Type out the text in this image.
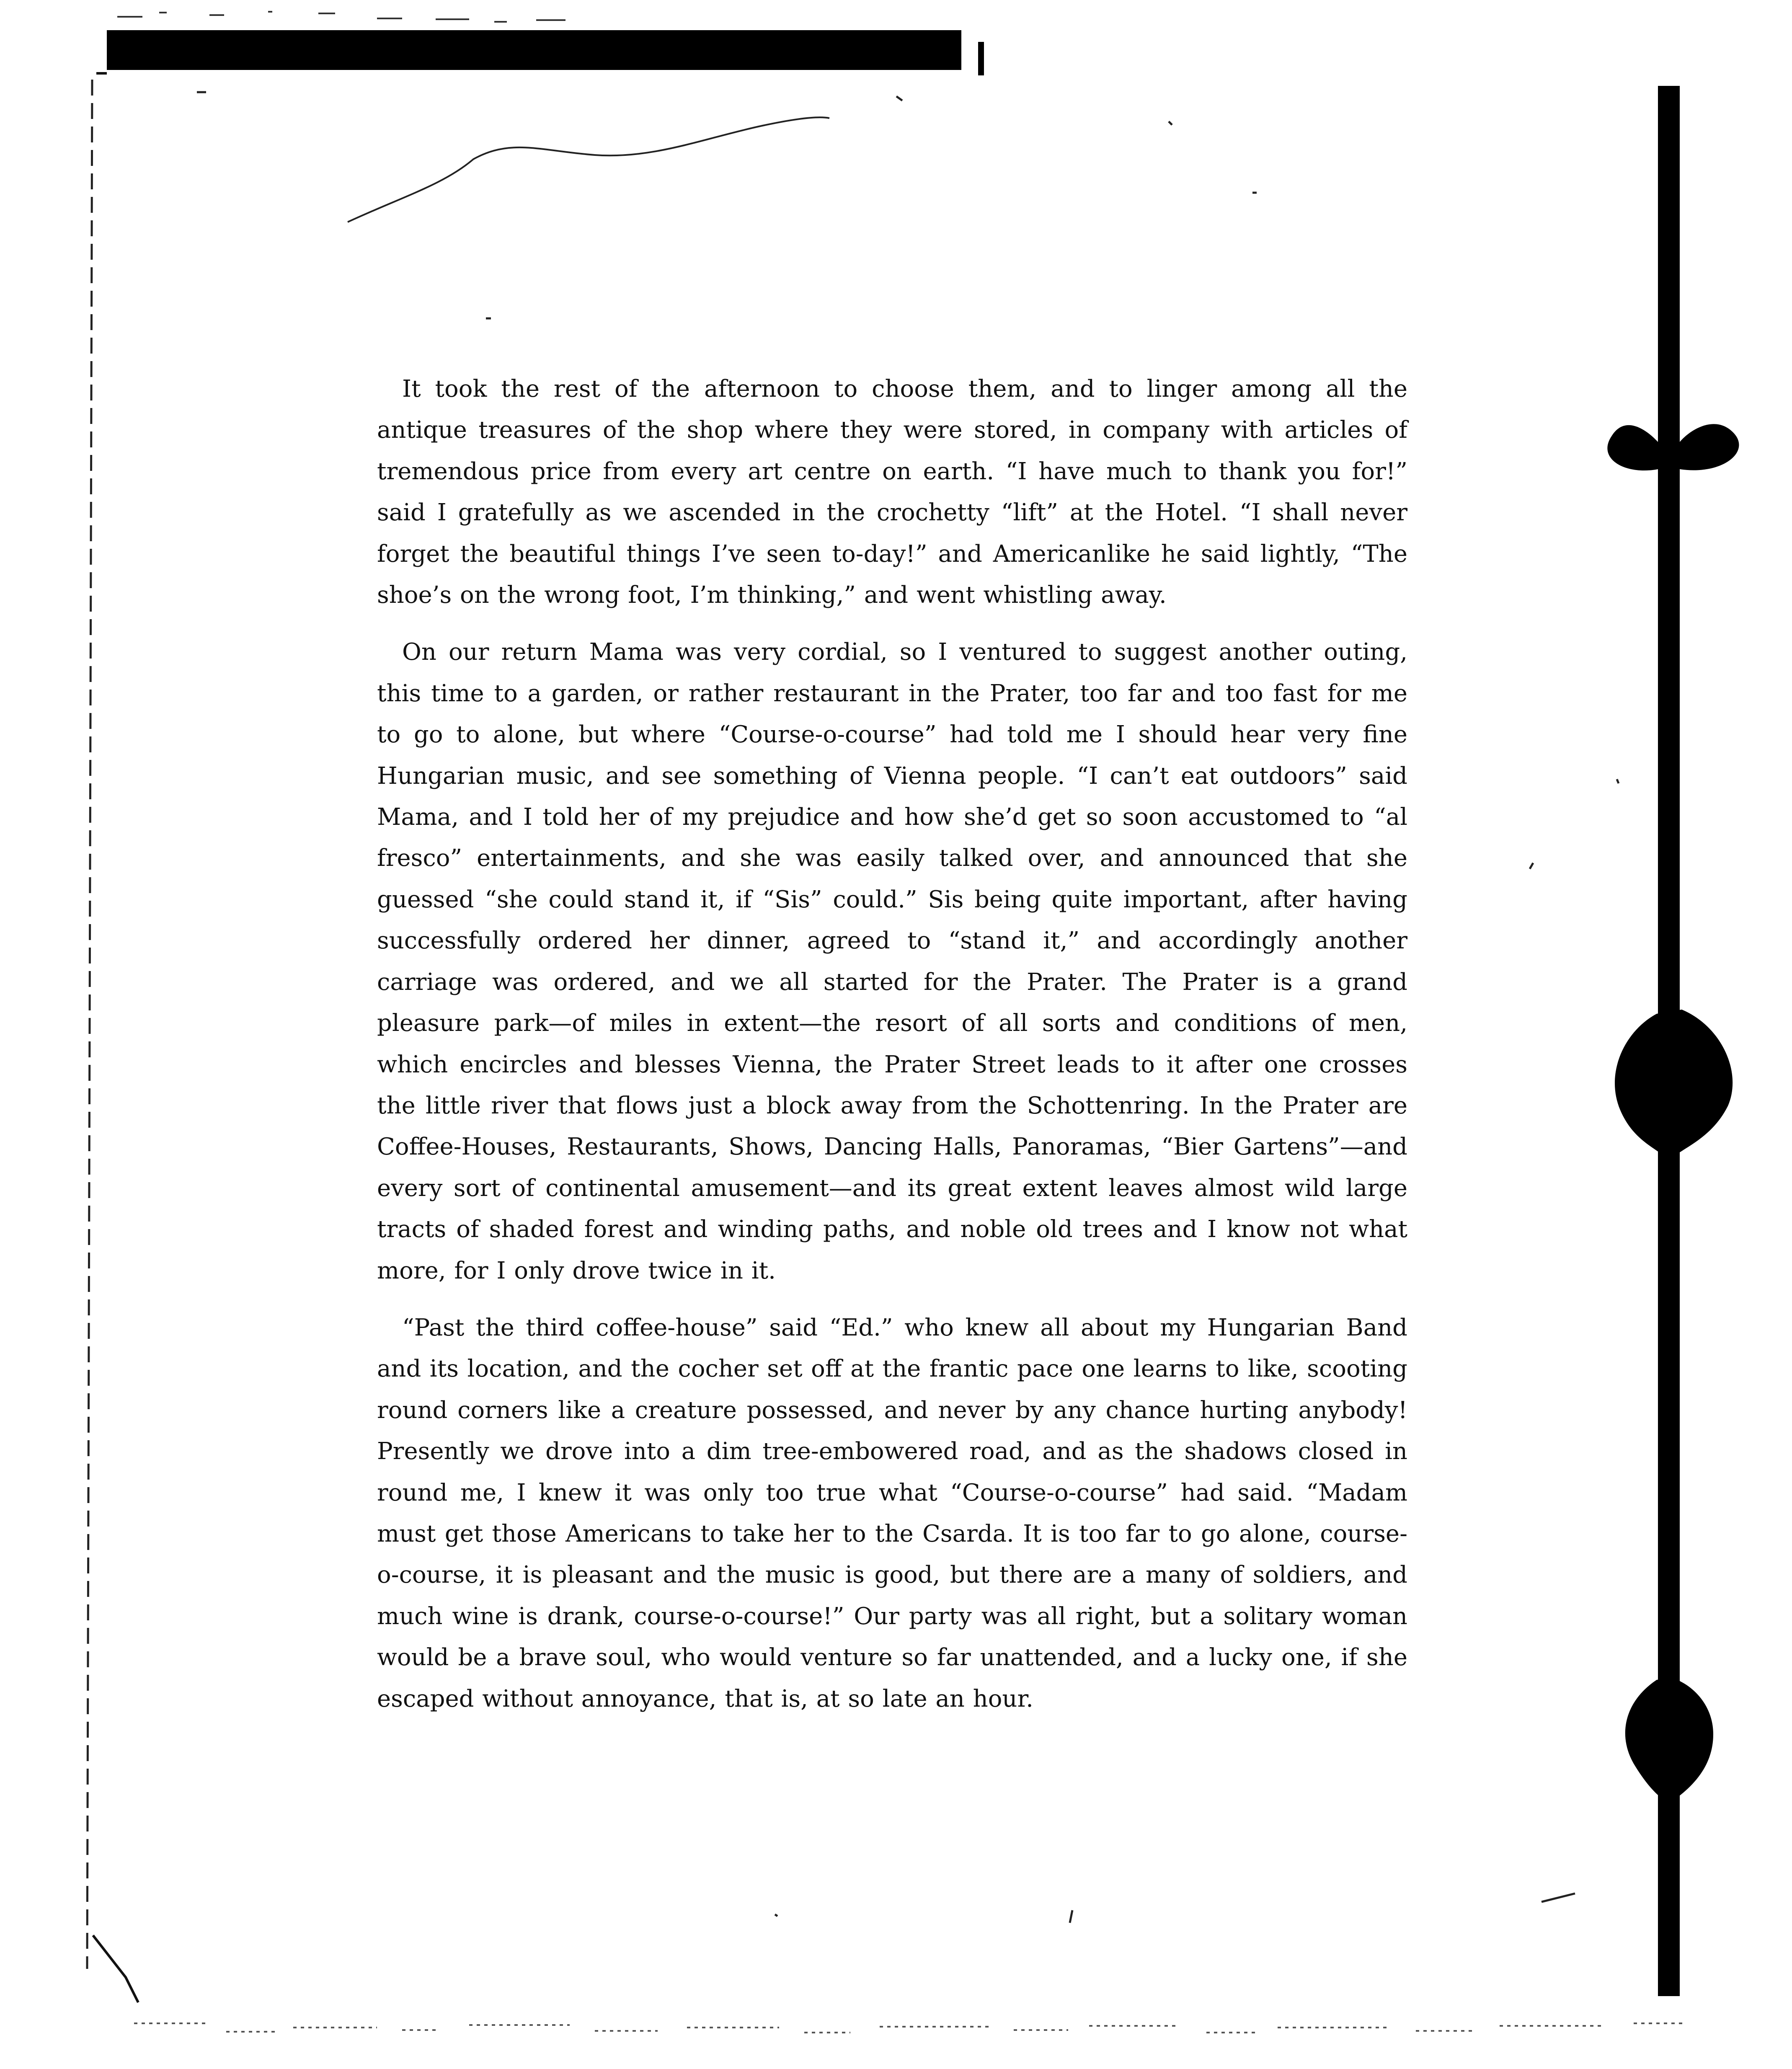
It took the rest of the afternoon to choose them, and to linger among all the antique treasures of the shop where they were stored, in company with articles of tremendous price from every art centre on earth. “I have much to thank you for!” said I gratefully as we ascended in the crochetty “lift” at the Hotel. “I shall never forget the beautiful things I’ve seen to-day!” and Americanlike he said lightly, “The shoe’s on the wrong foot, I’m thinking,” and went whistling away.

On our return Mama was very cordial, so I ventured to suggest another outing, this time to a garden, or rather restaurant in the Prater, too far and too fast for me to go to alone, but where “Course-o-course” had told me I should hear very fine Hungarian music, and see something of Vienna people. “I can’t eat outdoors” said Mama, and I told her of my prejudice and how she’d get so soon accustomed to “al fresco” entertainments, and she was easily talked over, and announced that she guessed “she could stand it, if “Sis” could.” Sis being quite important, after having successfully ordered her dinner, agreed to “stand it,” and accordingly another carriage was ordered, and we all started for the Prater. The Prater is a grand pleasure park—of miles in extent—the resort of all sorts and conditions of men, which encircles and blesses Vienna, the Prater Street leads to it after one crosses the little river that flows just a block away from the Schottenring. In the Prater are Coffee-Houses, Restaurants, Shows, Dancing Halls, Panoramas, “Bier Gartens”—and every sort of continental amusement—and its great extent leaves almost wild large tracts of shaded forest and winding paths, and noble old trees and I know not what more, for I only drove twice in it.

“Past the third coffee-house” said “Ed.” who knew all about my Hungarian Band and its location, and the cocher set off at the frantic pace one learns to like, scooting round corners like a creature possessed, and never by any chance hurting anybody! Presently we drove into a dim tree-embowered road, and as the shadows closed in round me, I knew it was only too true what “Course-o-course” had said. “Madam must get those Americans to take her to the Csarda. It is too far to go alone, course-o-course, it is pleasant and the music is good, but there are a many of soldiers, and much wine is drank, course-o-course!” Our party was all right, but a solitary woman would be a brave soul, who would venture so far unattended, and a lucky one, if she escaped without annoyance, that is, at so late an hour.
